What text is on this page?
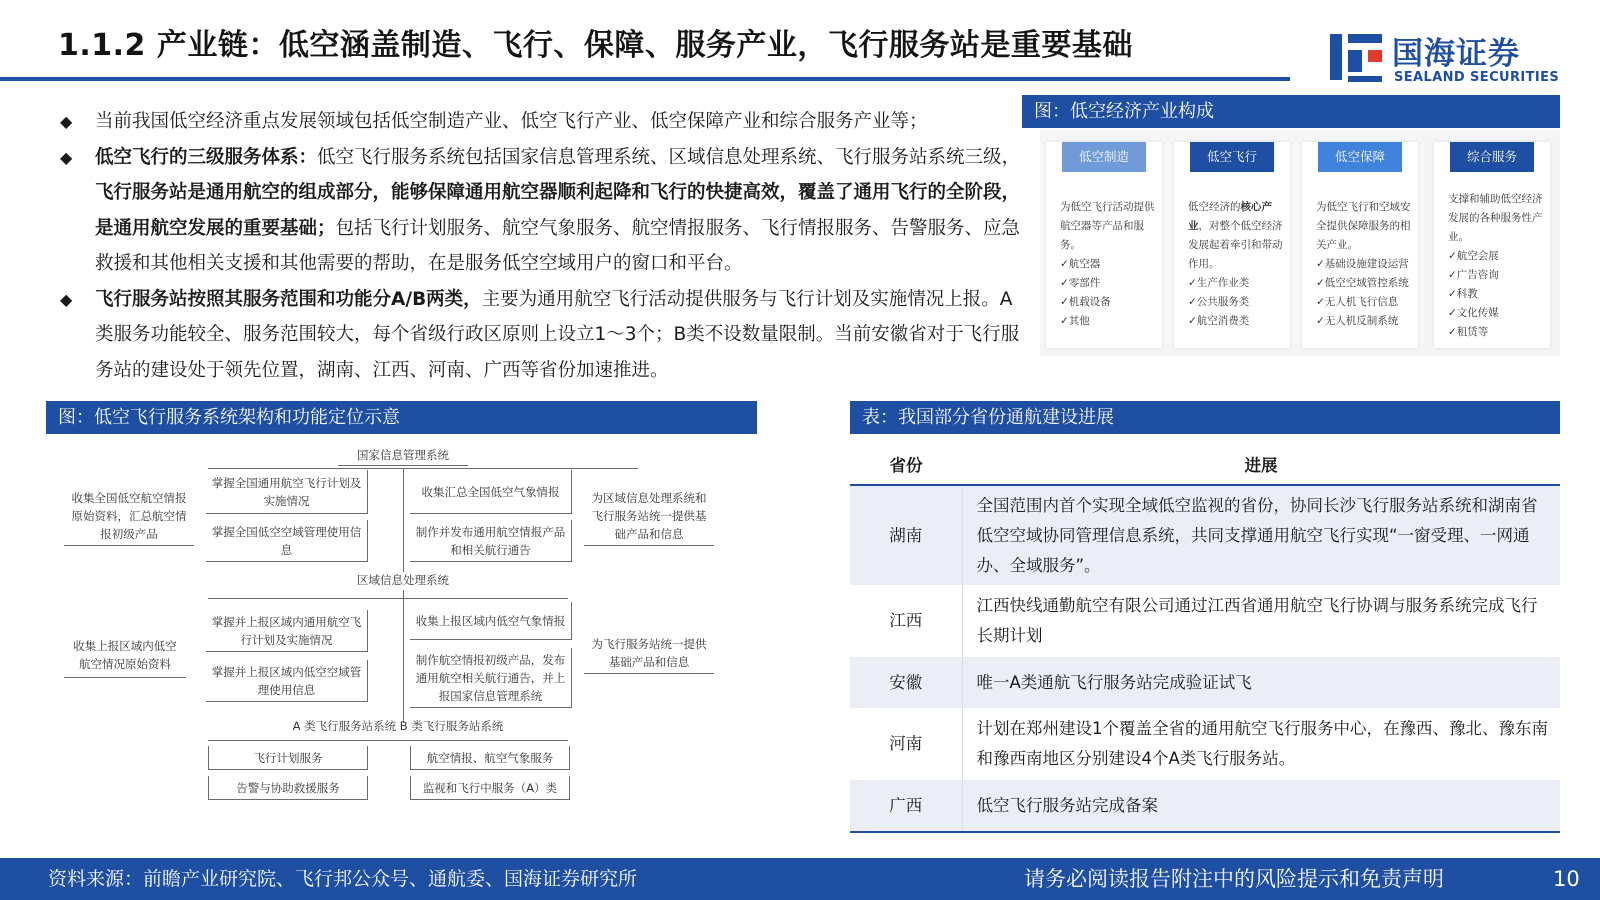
1.1.2 产业链：低空涵盖制造、飞行、保障、服务产业，飞行服务站是重要基础	国海证券
SEALAND SECURITIES
◆ 当前我国低空经济重点发展领域包括低空制造产业、低空飞行产业、低空保障产业和综合服务产业等；
◆ 低空飞行的三级服务体系：低空飞行服务系统包括国家信息管理系统、区域信息处理系统、飞行服务站系统三级，飞行服务站是通用航空的组成部分，能够保障通用航空器顺利起降和飞行的快捷高效，覆盖了通用飞行的全阶段，是通用航空发展的重要基础；包括飞行计划服务、航空气象服务、航空情报服务、飞行情报服务、告警服务、应急救援和其他相关支援和其他需要的帮助，在是服务低空空域用户的窗口和平台。
◆ 飞行服务站按照其服务范围和功能分A/B两类，主要为通用航空飞行活动提供服务与飞行计划及实施情况上报。A类服务功能较全、服务范围较大，每个省级行政区原则上设立1～3个；B类不设数量限制。当前安徽省对于飞行服务站的建设处于领先位置，湖南、江西、河南、广西等省份加速推进。
图：低空经济产业构成
低空制造
为低空飞行活动提供航空器等产品和服务。
✓航空器
✓零部件
✓机载设备
✓其他
低空飞行
低空经济的核心产业，对整个低空经济发展起着牵引和带动作用。
✓生产作业类
✓公共服务类
✓航空消费类
低空保障
为低空飞行和空域安全提供保障服务的相关产业。
✓基础设施建设运营
✓低空空域管控系统
✓无人机飞行信息
✓无人机反制系统
综合服务
支撑和辅助低空经济发展的各种服务性产业。
✓航空会展
✓广告咨询
✓科教
✓文化传媒
✓租赁等
图：低空飞行服务系统架构和功能定位示意
国家信息管理系统
收集全国低空航空情报原始资料，汇总航空情报初级产品
掌握全国通用航空飞行计划及实施情况
掌握全国低空空域管理使用信息
收集汇总全国低空气象情报
制作并发布通用航空情报产品和相关航行通告
为区域信息处理系统和飞行服务站统一提供基础产品和信息
区域信息处理系统
收集上报区域内低空航空情况原始资料
掌握并上报区域内通用航空飞行计划及实施情况
掌握并上报区域内低空空域管理使用信息
收集上报区域内低空气象情报
制作航空情报初级产品，发布通用航空相关航行通告，并上报国家信息管理系统
为飞行服务站统一提供基础产品和信息
A 类飞行服务站系统 B 类飞行服务站系统
飞行计划服务
告警与协助救援服务
航空情报、航空气象服务
监视和飞行中服务（A）类
表：我国部分省份通航建设进展
省份	进展
湖南	全国范围内首个实现全域低空监视的省份，协同长沙飞行服务站系统和湖南省低空空域协同管理信息系统，共同支撑通用航空飞行实现“一窗受理、一网通办、全域服务”。
江西	江西快线通勤航空有限公司通过江西省通用航空飞行协调与服务系统完成飞行长期计划
安徽	唯一A类通航飞行服务站完成验证试飞
河南	计划在郑州建设1个覆盖全省的通用航空飞行服务中心，在豫西、豫北、豫东南和豫西南地区分别建设4个A类飞行服务站。
广西	低空飞行服务站完成备案
资料来源：前瞻产业研究院、飞行邦公众号、通航委、国海证券研究所	请务必阅读报告附注中的风险提示和免责声明	10
